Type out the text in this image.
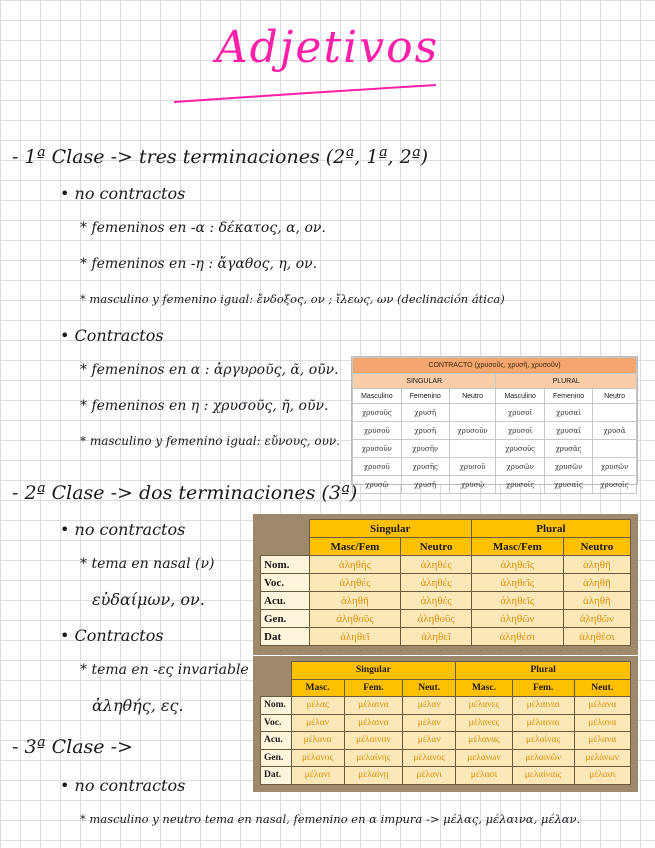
Adjetivos
- 1ª Clase -> tres terminaciones (2ª, 1ª, 2ª)
• no contractos
* femeninos en -α : δέκατος, α, ον.
* femeninos en -η : ἄγαθος, η, ον.
* masculino y femenino igual: ἔνδοξος, ον ; ἴλεως, ων (declinación ática)
• Contractos
* femeninos en α : ἀργυροῦς, ᾶ, οῦν.
* femeninos en η : χρυσοῦς, ῆ, οῦν.
* masculino y femenino igual: εὔνους, ουν.
CONTRACTO (χρυσοῦς, χρυσῆ, χρυσοῦν)					
SINGULAR			PLURAL		
Masculino	Femenino	Neutro	Masculino	Femenino	Neutro
χρυσοῦς	χρυσῆ		χρυσοῖ	χρυσαῖ	
χρυσοῦ	χρυσῆ	χρυσοῦν	χρυσοῖ	χρυσαῖ	χρυσᾶ
χρυσοῦν	χρυσῆν		χρυσοῦς	χρυσᾶς	
χρυσοῦ	χρυσῆς	χρυσοῦ	χρυσῶν	χρυσῶν	χρυσῶν
χρυσῷ	χρυσῇ	χρυσῷ	χρυσοῖς	χρυσαῖς	χρυσοῖς
- 2ª Clase -> dos terminaciones (3ª)
• no contractos
* tema en nasal (ν)
εὐδαίμων, ον.
• Contractos
* tema en -ες invariable
ἀληθής, ες.
	Singular		Plural	
	Masc/Fem	Neutro	Masc/Fem	Neutro
Nom.	ἀληθής	ἀληθές	ἀληθεῖς	ἀληθῆ
Voc.	ἀληθές	ἀληθές	ἀληθεῖς	ἀληθῆ
Acu.	ἀληθῆ	ἀληθές	ἀληθεῖς	ἀληθῆ
Gen.	ἀληθοῦς	ἀληθοῦς	ἀληθῶν	ἀληθῶν
Dat	ἀληθεῖ	ἀληθεῖ	ἀληθέσι	ἀληθέσι
	Singular			Plural		
	Masc.	Fem.	Neut.	Masc.	Fem.	Neut.
Nom.	μέλας	μέλαινα	μέλαν	μέλανες	μέλαιναι	μέλανα
Voc.	μέλαν	μέλαινα	μέλαν	μέλανες	μέλαιναι	μέλανα
Acu.	μέλανα	μέλαιναν	μέλαν	μέλανας	μελαίνας	μέλανα
Gen.	μέλανος	μελαίνης	μέλανος	μελάνων	μελαινῶν	μελάνων
Dat.	μέλανι	μελαίνῃ	μέλανι	μέλασι	μελαίναις	μέλασι
- 3ª Clase ->
• no contractos
* masculino y neutro tema en nasal, femenino en α impura -> μέλας, μέλαινα, μέλαν.
